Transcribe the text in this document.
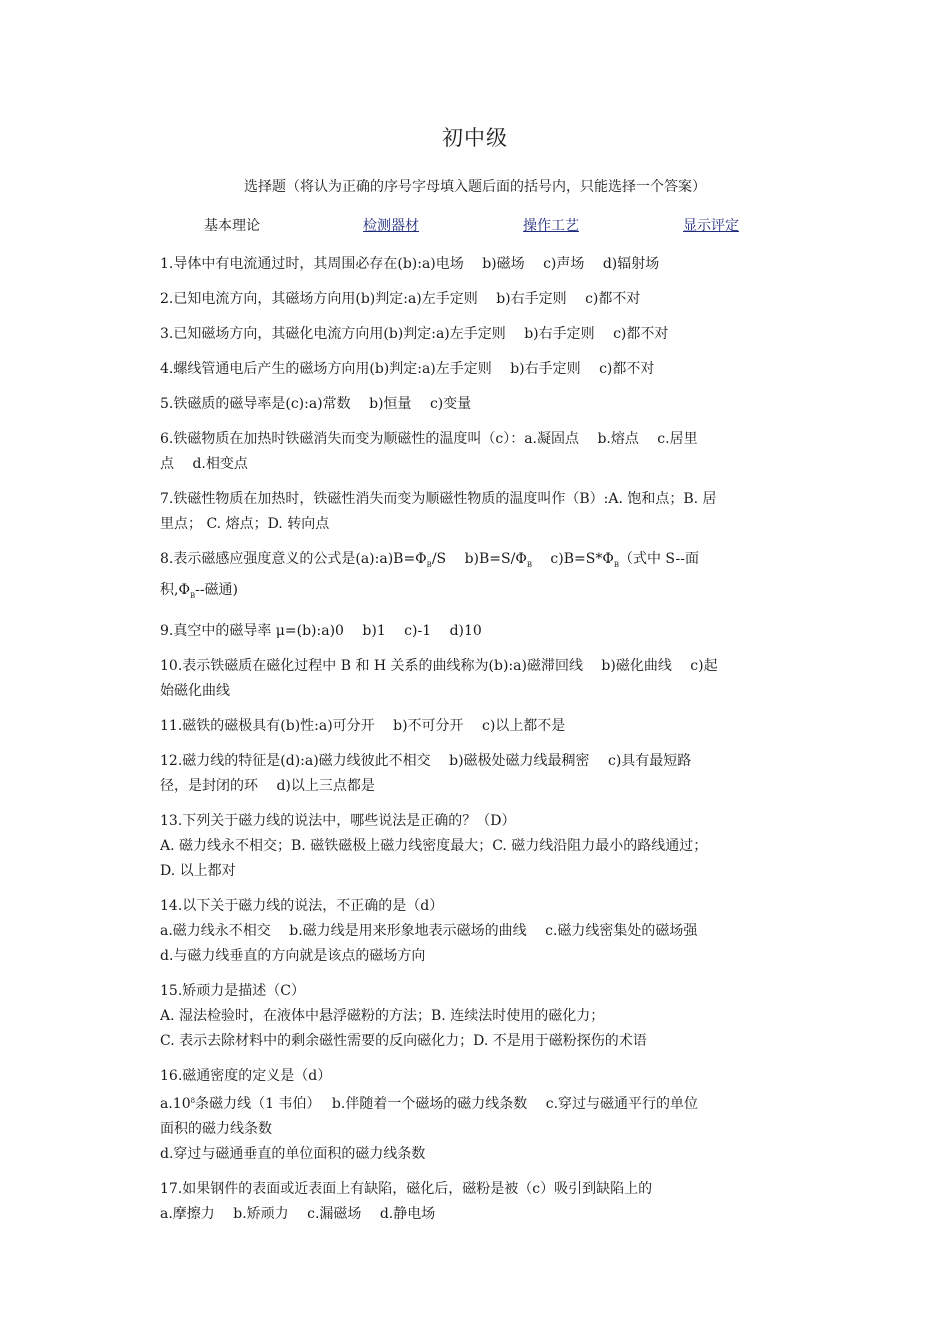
初中级
选择题（将认为正确的序号字母填入题后面的括号内，只能选择一个答案）
基本理论	检测器材	操作工艺	显示评定
1.导体中有电流通过时，其周围必存在(b):a)电场　 b)磁场　 c)声场　 d)辐射场
2.已知电流方向，其磁场方向用(b)判定:a)左手定则　 b)右手定则　 c)都不对
3.已知磁场方向，其磁化电流方向用(b)判定:a)左手定则　 b)右手定则　 c)都不对
4.螺线管通电后产生的磁场方向用(b)判定:a)左手定则　 b)右手定则　 c)都不对
5.铁磁质的磁导率是(c):a)常数　 b)恒量　 c)变量
6.铁磁物质在加热时铁磁消失而变为顺磁性的温度叫（c）：a.凝固点　 b.熔点　 c.居里
点　 d.相变点
7.铁磁性物质在加热时，铁磁性消失而变为顺磁性物质的温度叫作（B）:A. 饱和点；B. 居
里点； C. 熔点；D. 转向点
8.表示磁感应强度意义的公式是$(a):a)B=\Phi_B/S$　 $b)B=S/\Phi_B$　 $c)B=S*\Phi_B$（式中 S--面
积$,\Phi_B--$磁通)
9.真空中的磁导率 μ=(b):a)0　 b)1　 c)-1　 d)10
10.表示铁磁质在磁化过程中 B 和 H 关系的曲线称为(b):a)磁滞回线　 b)磁化曲线　 c)起
始磁化曲线
11.磁铁的磁极具有(b)性:a)可分开　 b)不可分开　 c)以上都不是
12.磁力线的特征是(d):a)磁力线彼此不相交　 b)磁极处磁力线最稠密　 c)具有最短路
径，是封闭的环　 d)以上三点都是
13.下列关于磁力线的说法中，哪些说法是正确的？（D）
A. 磁力线永不相交；B. 磁铁磁极上磁力线密度最大；C. 磁力线沿阻力最小的路线通过；
D. 以上都对
14.以下关于磁力线的说法，不正确的是（d）
a.磁力线永不相交　 b.磁力线是用来形象地表示磁场的曲线　 c.磁力线密集处的磁场强
d.与磁力线垂直的方向就是该点的磁场方向
15.矫顽力是描述（C）
A. 湿法检验时，在液体中悬浮磁粉的方法；B. 连续法时使用的磁化力；
C. 表示去除材料中的剩余磁性需要的反向磁化力；D. 不是用于磁粉探伤的术语
16.磁通密度的定义是（d）
$a.10^8$条磁力线（1 韦伯）　 b.伴随着一个磁场的磁力线条数　 c.穿过与磁通平行的单位
面积的磁力线条数
d.穿过与磁通垂直的单位面积的磁力线条数
17.如果钢件的表面或近表面上有缺陷，磁化后，磁粉是被（c）吸引到缺陷上的
a.摩擦力　 b.矫顽力　 c.漏磁场　 d.静电场
